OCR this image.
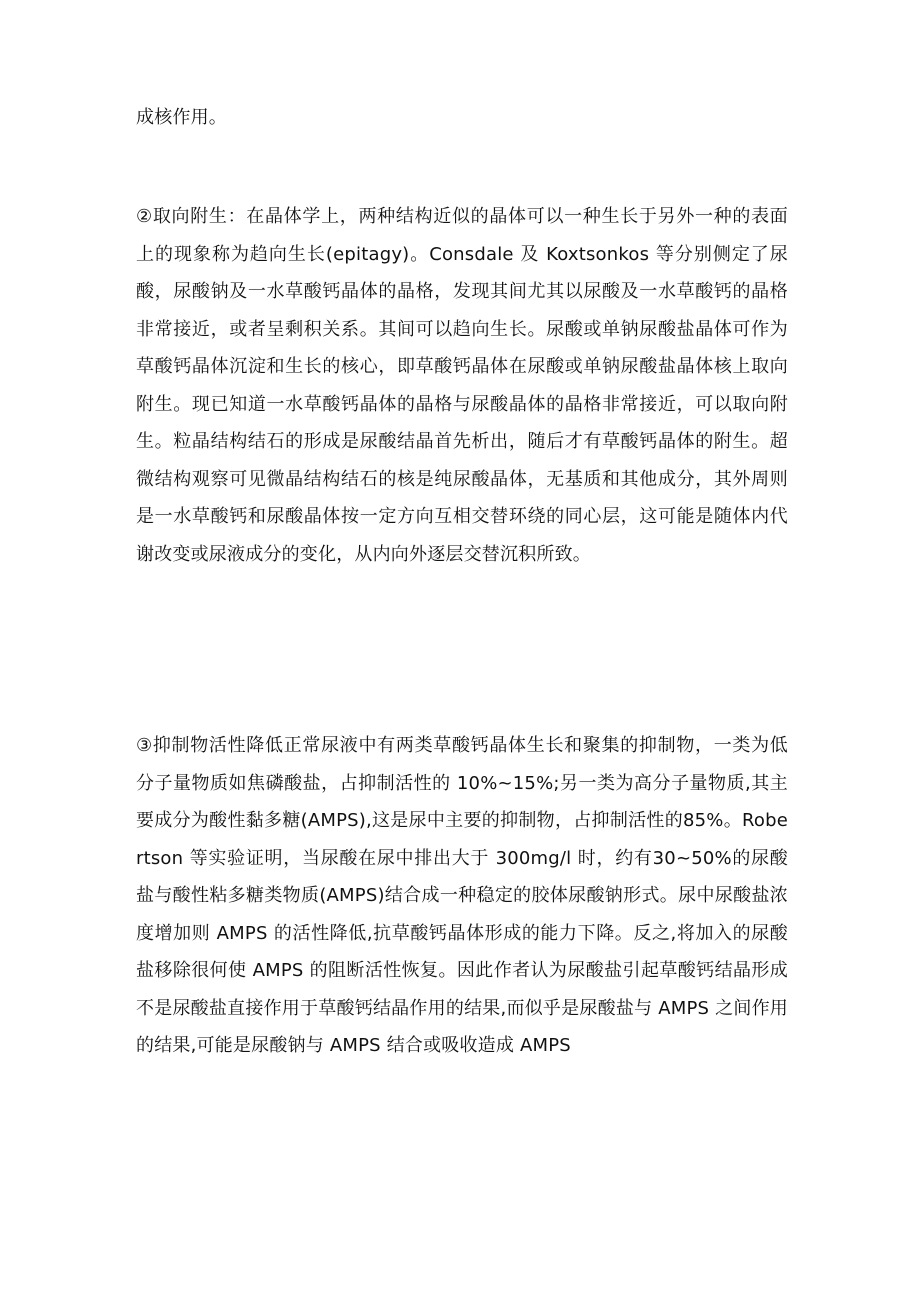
成核作用。

②取向附生：在晶体学上，两种结构近似的晶体可以一种生长于另外一种的表面上的现象称为趋向生长(epitagy)。Consdale 及 Koxtsonkos 等分别侧定了尿酸，尿酸钠及一水草酸钙晶体的晶格，发现其间尤其以尿酸及一水草酸钙的晶格非常接近，或者呈剩积关系。其间可以趋向生长。尿酸或单钠尿酸盐晶体可作为草酸钙晶体沉淀和生长的核心，即草酸钙晶体在尿酸或单钠尿酸盐晶体核上取向附生。现已知道一水草酸钙晶体的晶格与尿酸晶体的晶格非常接近，可以取向附生。粒晶结构结石的形成是尿酸结晶首先析出，随后才有草酸钙晶体的附生。超微结构观察可见微晶结构结石的核是纯尿酸晶体，无基质和其他成分，其外周则是一水草酸钙和尿酸晶体按一定方向互相交替环绕的同心层，这可能是随体内代谢改变或尿液成分的变化，从内向外逐层交替沉积所致。

③抑制物活性降低正常尿液中有两类草酸钙晶体生长和聚集的抑制物，一类为低分子量物质如焦磷酸盐，占抑制活性的 10%~15%;另一类为高分子量物质,其主要成分为酸性黏多糖(AMPS),这是尿中主要的抑制物，占抑制活性的85%。Robertson 等实验证明，当尿酸在尿中排出大于 300mg/l 时，约有30~50%的尿酸盐与酸性粘多糖类物质(AMPS)结合成一种稳定的胶体尿酸钠形式。尿中尿酸盐浓度增加则 AMPS 的活性降低,抗草酸钙晶体形成的能力下降。反之,将加入的尿酸盐移除很何使 AMPS 的阻断活性恢复。因此作者认为尿酸盐引起草酸钙结晶形成不是尿酸盐直接作用于草酸钙结晶作用的结果,而似乎是尿酸盐与 AMPS 之间作用的结果,可能是尿酸钠与 AMPS 结合或吸收造成 AMPS
